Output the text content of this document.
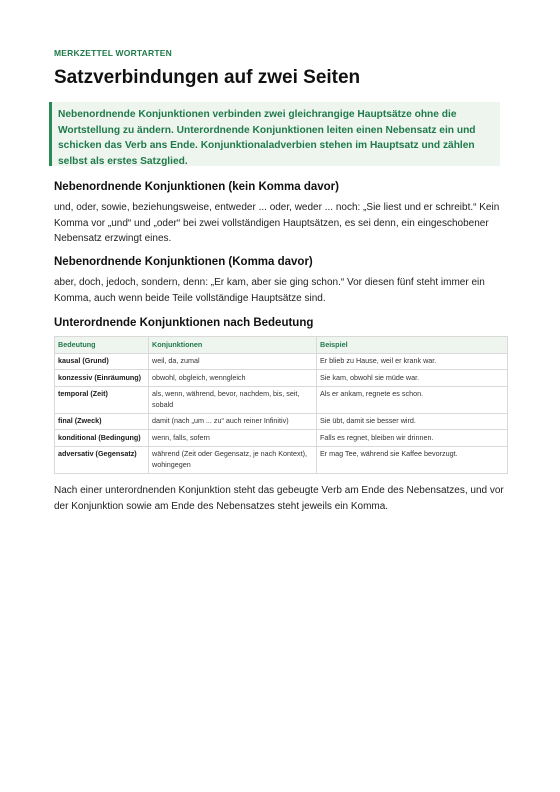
MERKZETTEL WORTARTEN
Satzverbindungen auf zwei Seiten
Nebenordnende Konjunktionen verbinden zwei gleichrangige Hauptsätze ohne die Wortstellung zu ändern. Unterordnende Konjunktionen leiten einen Nebensatz ein und schicken das Verb ans Ende. Konjunktionaladverbien stehen im Hauptsatz und zählen selbst als erstes Satzglied.
Nebenordnende Konjunktionen (kein Komma davor)

und, oder, sowie, beziehungsweise, entweder ... oder, weder ... noch: „Sie liest und er schreibt.“ Kein Komma vor „und“ und „oder“ bei zwei vollständigen Hauptsätzen, es sei denn, ein eingeschobener Nebensatz erzwingt eines.

Nebenordnende Konjunktionen (Komma davor)

aber, doch, jedoch, sondern, denn: „Er kam, aber sie ging schon.“ Vor diesen fünf steht immer ein Komma, auch wenn beide Teile vollständige Hauptsätze sind.

Unterordnende Konjunktionen nach Bedeutung
Bedeutung	Konjunktionen	Beispiel
kausal (Grund)	weil, da, zumal	Er blieb zu Hause, weil er krank war.
konzessiv (Einräumung)	obwohl, obgleich, wenngleich	Sie kam, obwohl sie müde war.
temporal (Zeit)	als, wenn, während, bevor, nachdem, bis, seit, sobald	Als er ankam, regnete es schon.
final (Zweck)	damit (nach „um ... zu“ auch reiner Infinitiv)	Sie übt, damit sie besser wird.
konditional (Bedingung)	wenn, falls, sofern	Falls es regnet, bleiben wir drinnen.
adversativ (Gegensatz)	während (Zeit oder Gegensatz, je nach Kontext), wohingegen	Er mag Tee, während sie Kaffee bevorzugt.

Nach einer unterordnenden Konjunktion steht das gebeugte Verb am Ende des Nebensatzes, und vor der Konjunktion sowie am Ende des Nebensatzes steht jeweils ein Komma.
